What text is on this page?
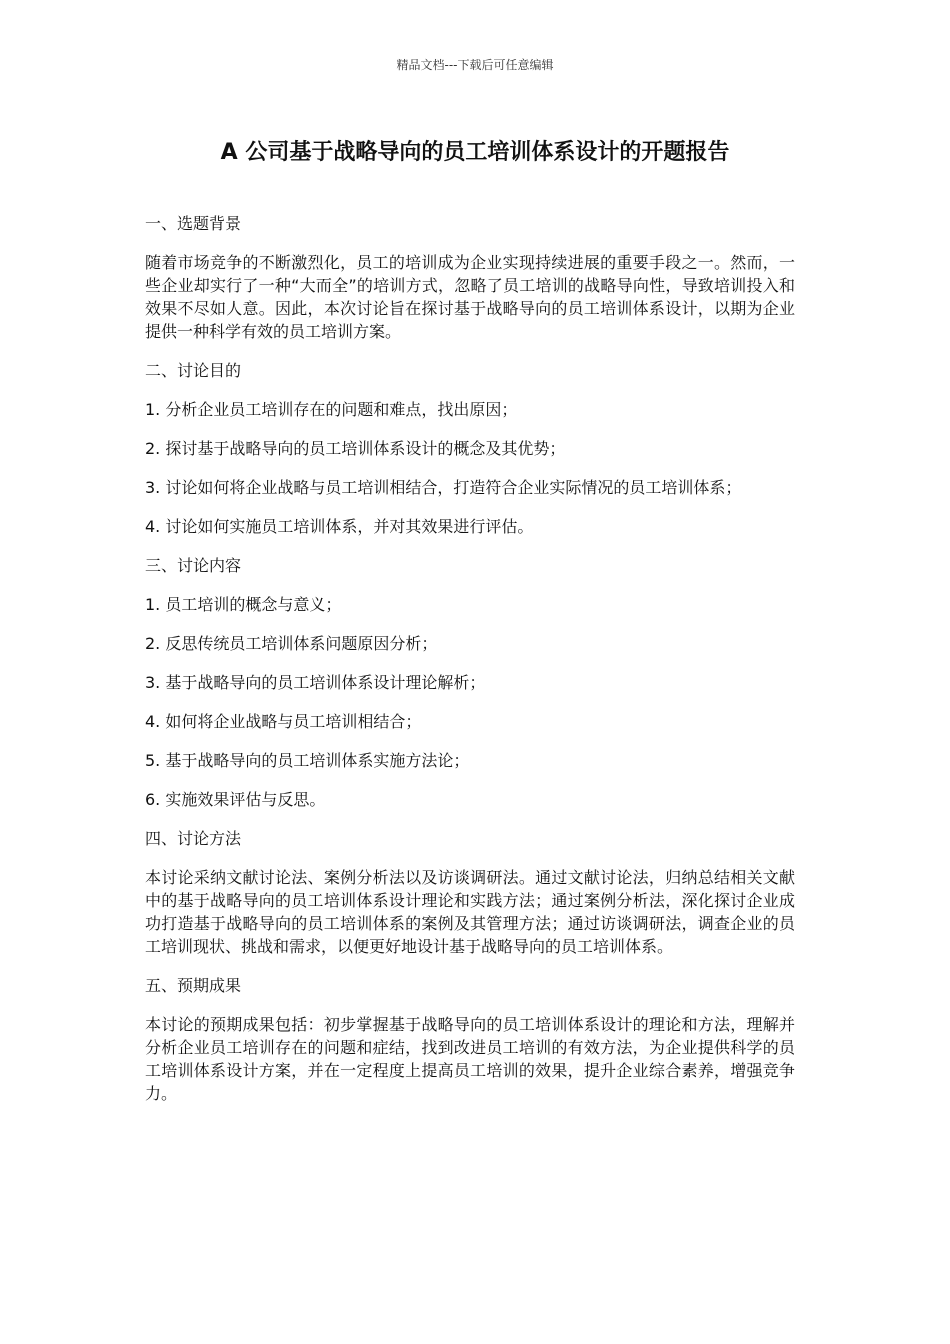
精品文档---下载后可任意编辑
A 公司基于战略导向的员工培训体系设计的开题报告

一、选题背景

随着市场竞争的不断激烈化，员工的培训成为企业实现持续进展的重要手段之一。然而，一些企业却实行了一种“大而全”的培训方式，忽略了员工培训的战略导向性，导致培训投入和效果不尽如人意。因此，本次讨论旨在探讨基于战略导向的员工培训体系设计，以期为企业提供一种科学有效的员工培训方案。

二、讨论目的

1. 分析企业员工培训存在的问题和难点，找出原因；

2. 探讨基于战略导向的员工培训体系设计的概念及其优势；

3. 讨论如何将企业战略与员工培训相结合，打造符合企业实际情况的员工培训体系；

4. 讨论如何实施员工培训体系，并对其效果进行评估。

三、讨论内容

1. 员工培训的概念与意义；

2. 反思传统员工培训体系问题原因分析；

3. 基于战略导向的员工培训体系设计理论解析；

4. 如何将企业战略与员工培训相结合；

5. 基于战略导向的员工培训体系实施方法论；

6. 实施效果评估与反思。

四、讨论方法

本讨论采纳文献讨论法、案例分析法以及访谈调研法。通过文献讨论法，归纳总结相关文献中的基于战略导向的员工培训体系设计理论和实践方法；通过案例分析法，深化探讨企业成功打造基于战略导向的员工培训体系的案例及其管理方法；通过访谈调研法，调查企业的员工培训现状、挑战和需求，以便更好地设计基于战略导向的员工培训体系。

五、预期成果

本讨论的预期成果包括：初步掌握基于战略导向的员工培训体系设计的理论和方法，理解并分析企业员工培训存在的问题和症结，找到改进员工培训的有效方法，为企业提供科学的员工培训体系设计方案，并在一定程度上提高员工培训的效果，提升企业综合素养，增强竞争力。
